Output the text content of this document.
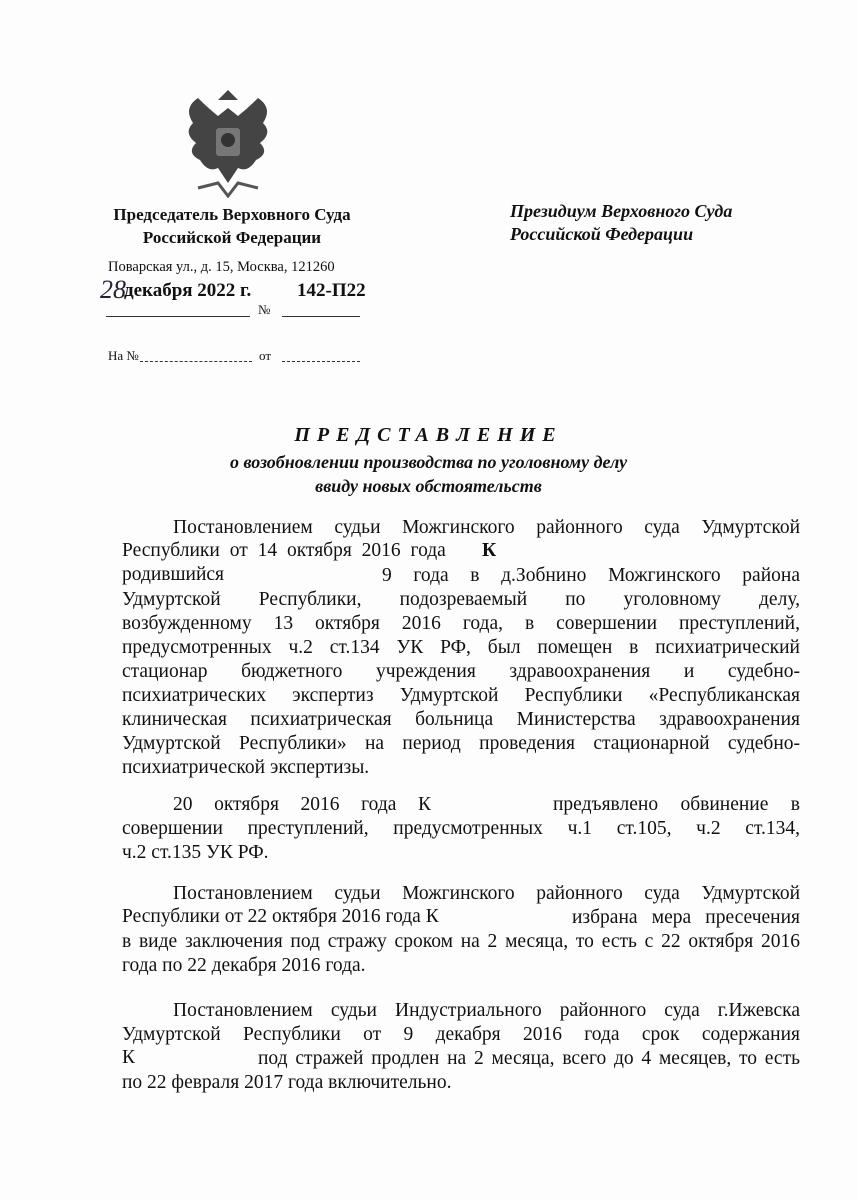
Председатель Верховного Суда
Российской Федерации
Поварская ул., д. 15, Москва, 121260
28
декабря 2022 г. 142-П22
№
На №	от
Президиум Верховного Суда
Российской Федерации
ПРЕДСТАВЛЕНИЕ
о возобновлении производства по уголовному делу
ввиду новых обстоятельств
Постановлением судьи Можгинского районного суда Удмуртской
Республики от 14 октября 2016 года К
родившийся	9 года в д.Зобнино Можгинского района
Удмуртской Республики, подозреваемый по уголовному делу,
возбужденному 13 октября 2016 года, в совершении преступлений,
предусмотренных ч.2 ст.134 УК РФ, был помещен в психиатрический
стационар бюджетного учреждения здравоохранения и судебно-
психиатрических экспертиз Удмуртской Республики «Республиканская
клиническая психиатрическая больница Министерства здравоохранения
Удмуртской Республики» на период проведения стационарной судебно-
психиатрической экспертизы.
20 октября 2016 года К	предъявлено обвинение в
совершении преступлений, предусмотренных ч.1 ст.105, ч.2 ст.134,
ч.2 ст.135 УК РФ.
Постановлением судьи Можгинского районного суда Удмуртской
Республики от 22 октября 2016 года К	избрана мера пресечения
в виде заключения под стражу сроком на 2 месяца, то есть с 22 октября 2016
года по 22 декабря 2016 года.
Постановлением судьи Индустриального районного суда г.Ижевска
Удмуртской Республики от 9 декабря 2016 года срок содержания
К	под стражей продлен на 2 месяца, всего до 4 месяцев, то есть
по 22 февраля 2017 года включительно.
